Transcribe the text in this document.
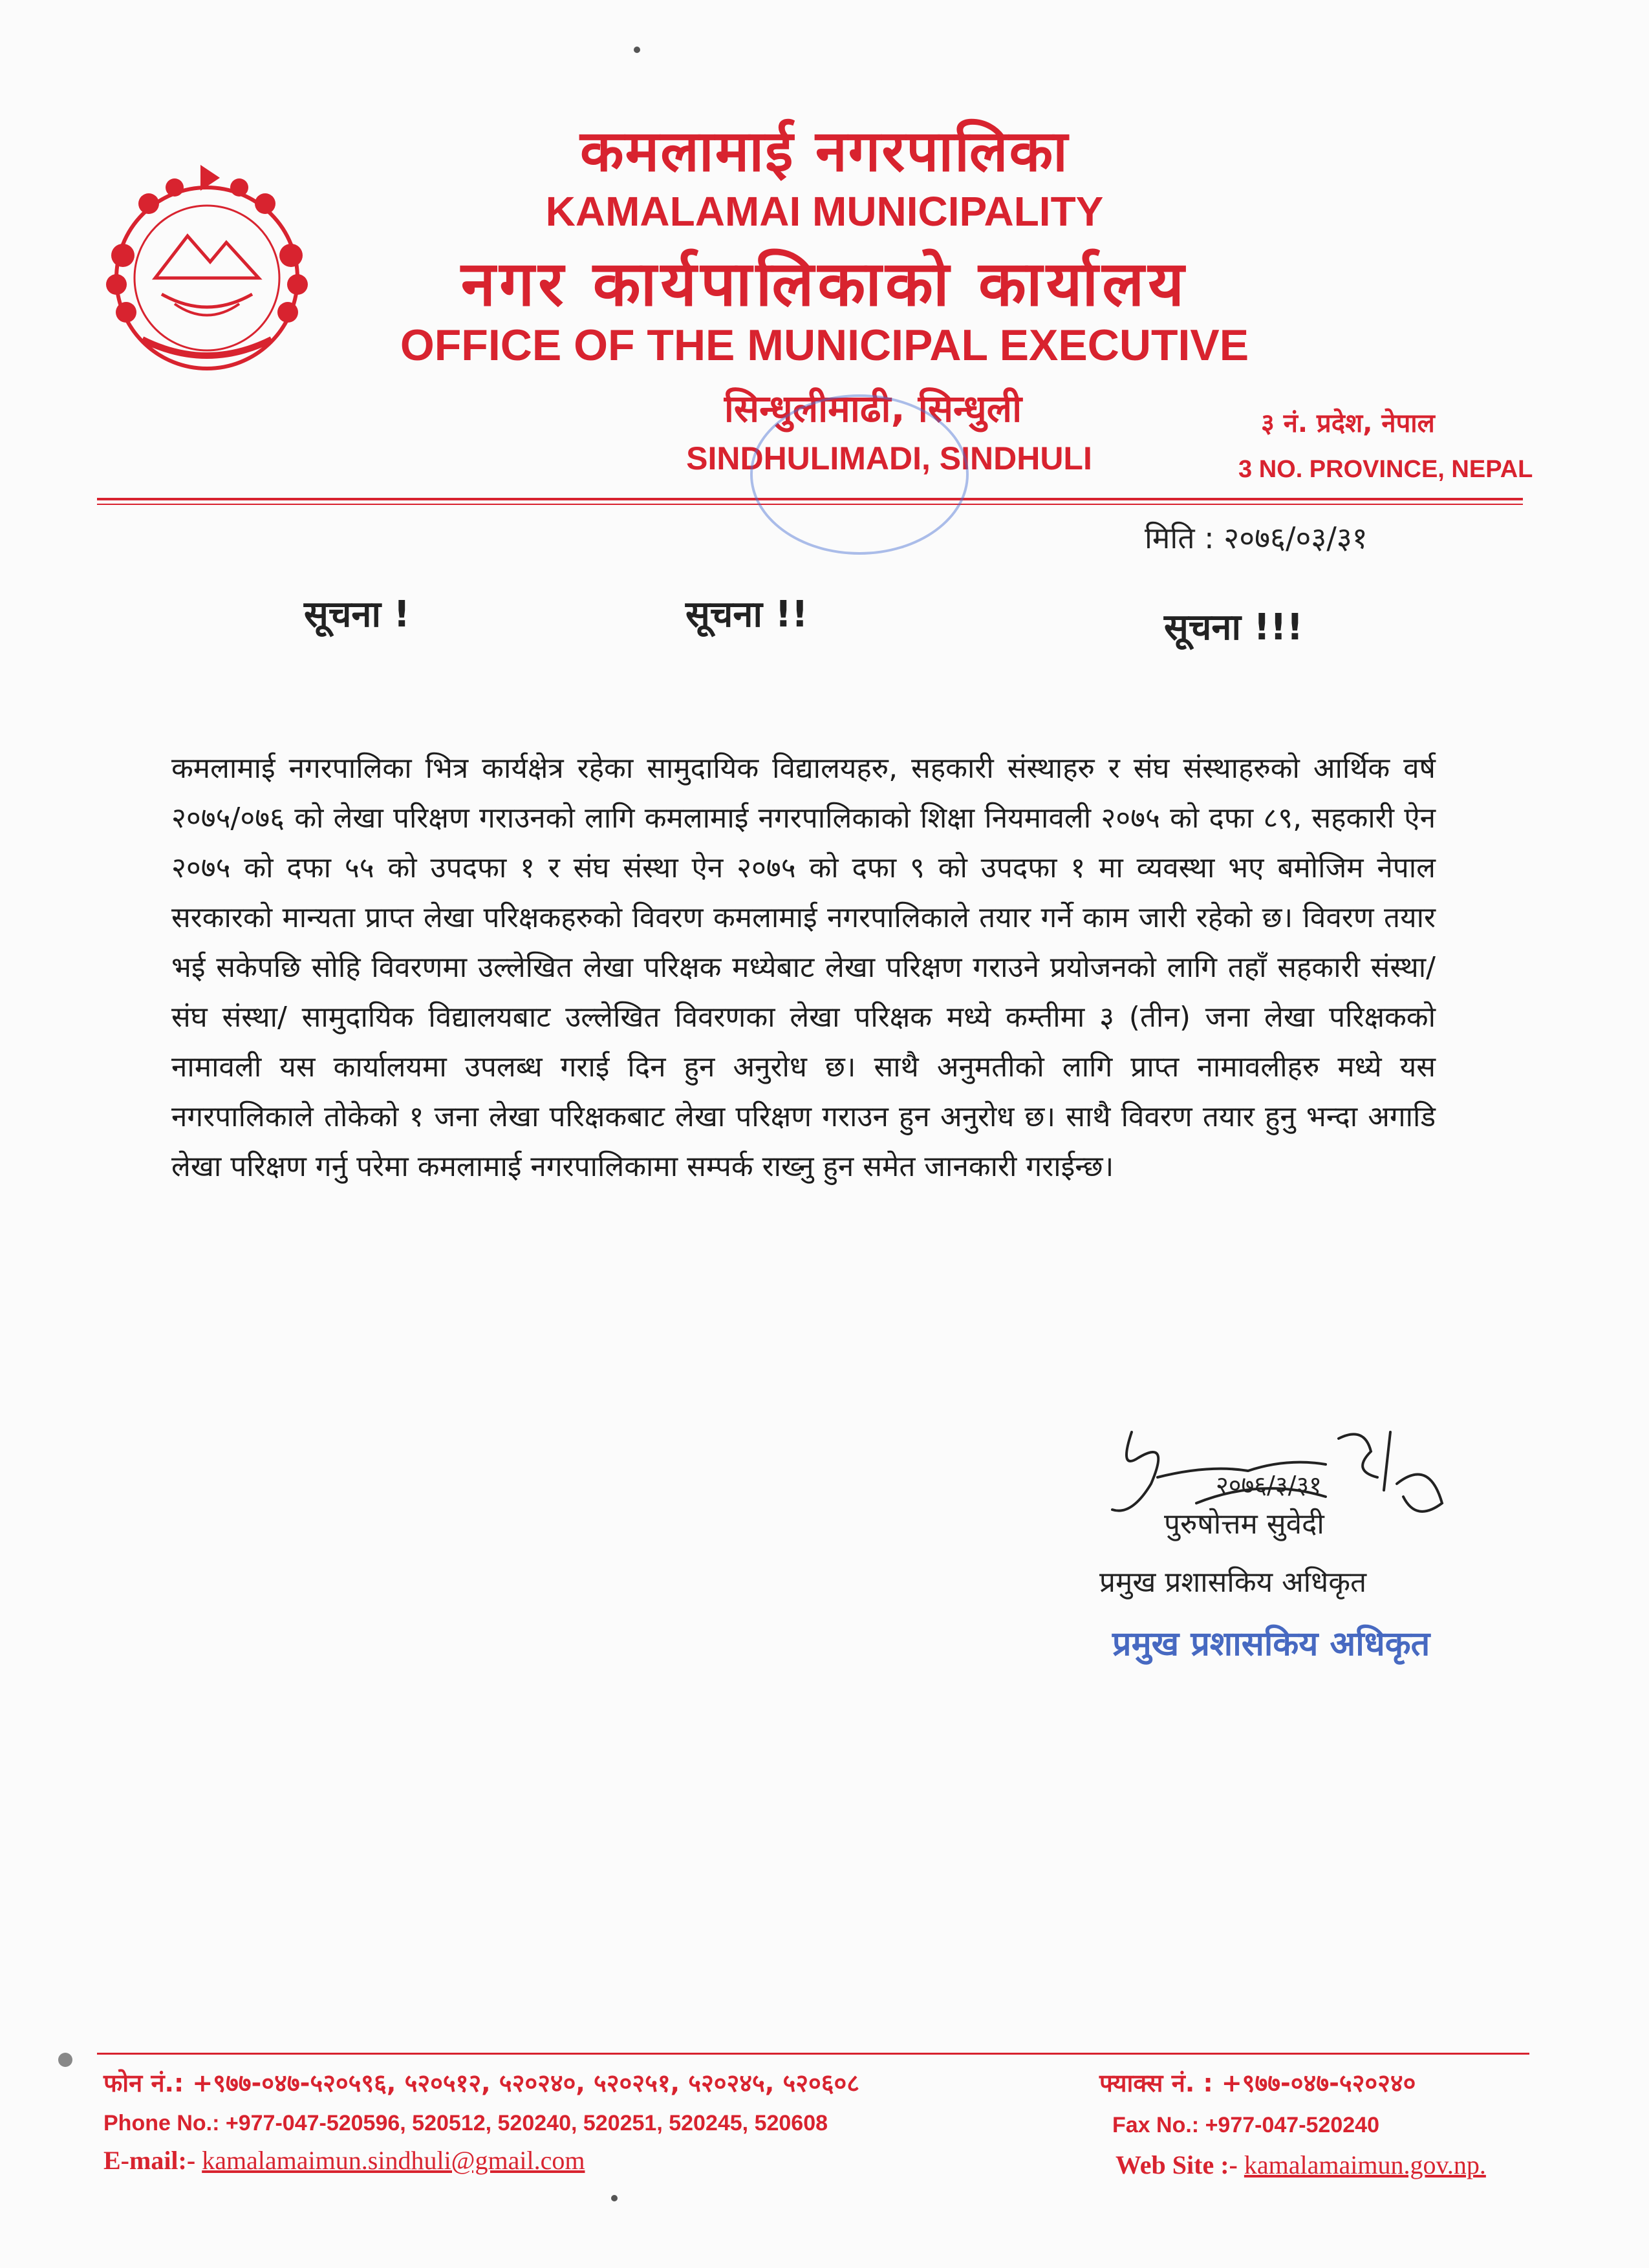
कमलामाई नगरपालिका
KAMALAMAI MUNICIPALITY
नगर कार्यपालिकाको कार्यालय
OFFICE OF THE MUNICIPAL EXECUTIVE
सिन्धुलीमाढी, सिन्धुली
SINDHULIMADI, SINDHULI
३ नं. प्रदेश, नेपाल
3 NO. PROVINCE, NEPAL
मिति : २०७६/०३/३१
सूचना !	सूचना !!	सूचना !!!
कमलामाई नगरपालिका भित्र कार्यक्षेत्र रहेका सामुदायिक विद्यालयहरु, सहकारी संस्थाहरु र संघ संस्थाहरुको आर्थिक वर्ष २०७५/०७६ को लेखा परिक्षण गराउनको लागि कमलामाई नगरपालिकाको शिक्षा नियमावली २०७५ को दफा ८९, सहकारी ऐन २०७५ को दफा ५५ को उपदफा १ र संघ संस्था ऐन २०७५ को दफा ९ को उपदफा १ मा व्यवस्था भए बमोजिम नेपाल सरकारको मान्यता प्राप्त लेखा परिक्षकहरुको विवरण कमलामाई नगरपालिकाले तयार गर्ने काम जारी रहेको छ। विवरण तयार भई सकेपछि सोहि विवरणमा उल्लेखित लेखा परिक्षक मध्येबाट लेखा परिक्षण गराउने प्रयोजनको लागि तहाँ सहकारी संस्था/संघ संस्था/ सामुदायिक विद्यालयबाट उल्लेखित विवरणका लेखा परिक्षक मध्ये कम्तीमा ३ (तीन) जना लेखा परिक्षकको नामावली यस कार्यालयमा उपलब्ध गराई दिन हुन अनुरोध छ। साथै अनुमतीको लागि प्राप्त नामावलीहरु मध्ये यस नगरपालिकाले तोकेको १ जना लेखा परिक्षकबाट लेखा परिक्षण गराउन हुन अनुरोध छ। साथै विवरण तयार हुनु भन्दा अगाडि लेखा परिक्षण गर्नु परेमा कमलामाई नगरपालिकामा सम्पर्क राख्नु हुन समेत जानकारी गराईन्छ।
२०७६/३/३१
पुरुषोत्तम सुवेदी
प्रमुख प्रशासकिय अधिकृत
प्रमुख प्रशासकिय अधिकृत
फोन नं.: +९७७-०४७-५२०५९६, ५२०५१२, ५२०२४०, ५२०२५१, ५२०२४५, ५२०६०८
Phone No.: +977-047-520596, 520512, 520240, 520251, 520245, 520608
E-mail:- kamalamaimun.sindhuli@gmail.com
फ्याक्स नं. : +९७७-०४७-५२०२४०
Fax No.: +977-047-520240
Web Site :- kamalamaimun.gov.np.
